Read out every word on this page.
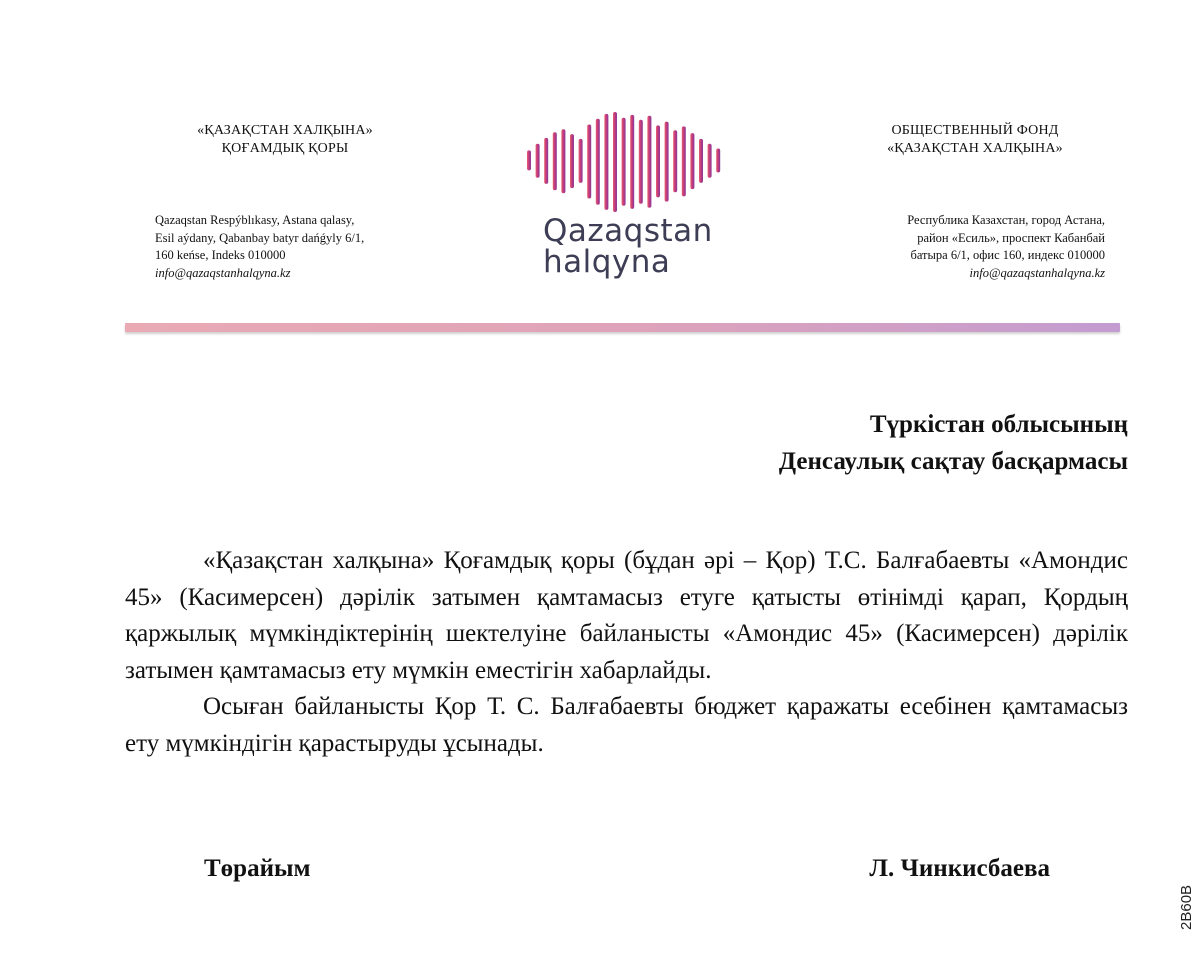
«ҚАЗАҚСТАН ХАЛҚЫНА»
ҚОҒАМДЫҚ ҚОРЫ
Qazaqstan
halqyna
ОБЩЕСТВЕННЫЙ ФОНД
«ҚАЗАҚСТАН ХАЛҚЫНА»
Qazaqstan Respýblıkasy, Astana qalasy,
Esil aýdany, Qabanbay batyr dańǵyly 6/1,
160 keńse, Indeks 010000
info@qazaqstanhalqyna.kz
Республика Казахстан, город Астана,
район «Есиль», проспект Кабанбай
батыра 6/1, офис 160, индекс 010000
info@qazaqstanhalqyna.kz
Түркістан облысының
Денсаулық сақтау басқармасы

«Қазақстан халқына» Қоғамдық қоры (бұдан әрі – Қор) Т.С. Балғабаевты «Амондис 45» (Касимерсен) дәрілік затымен қамтамасыз етуге қатысты өтінімді қарап, Қордың қаржылық мүмкіндіктерінің шектелуіне байланысты «Амондис 45» (Касимерсен) дәрілік затымен қамтамасыз ету мүмкін еместігін хабарлайды.

Осыған байланысты Қор Т. С. Балғабаевты бюджет қаражаты есебінен қамтамасыз ету мүмкіндігін қарастыруды ұсынады.

Төрайым	Л. Чинкисбаева
2B60B
